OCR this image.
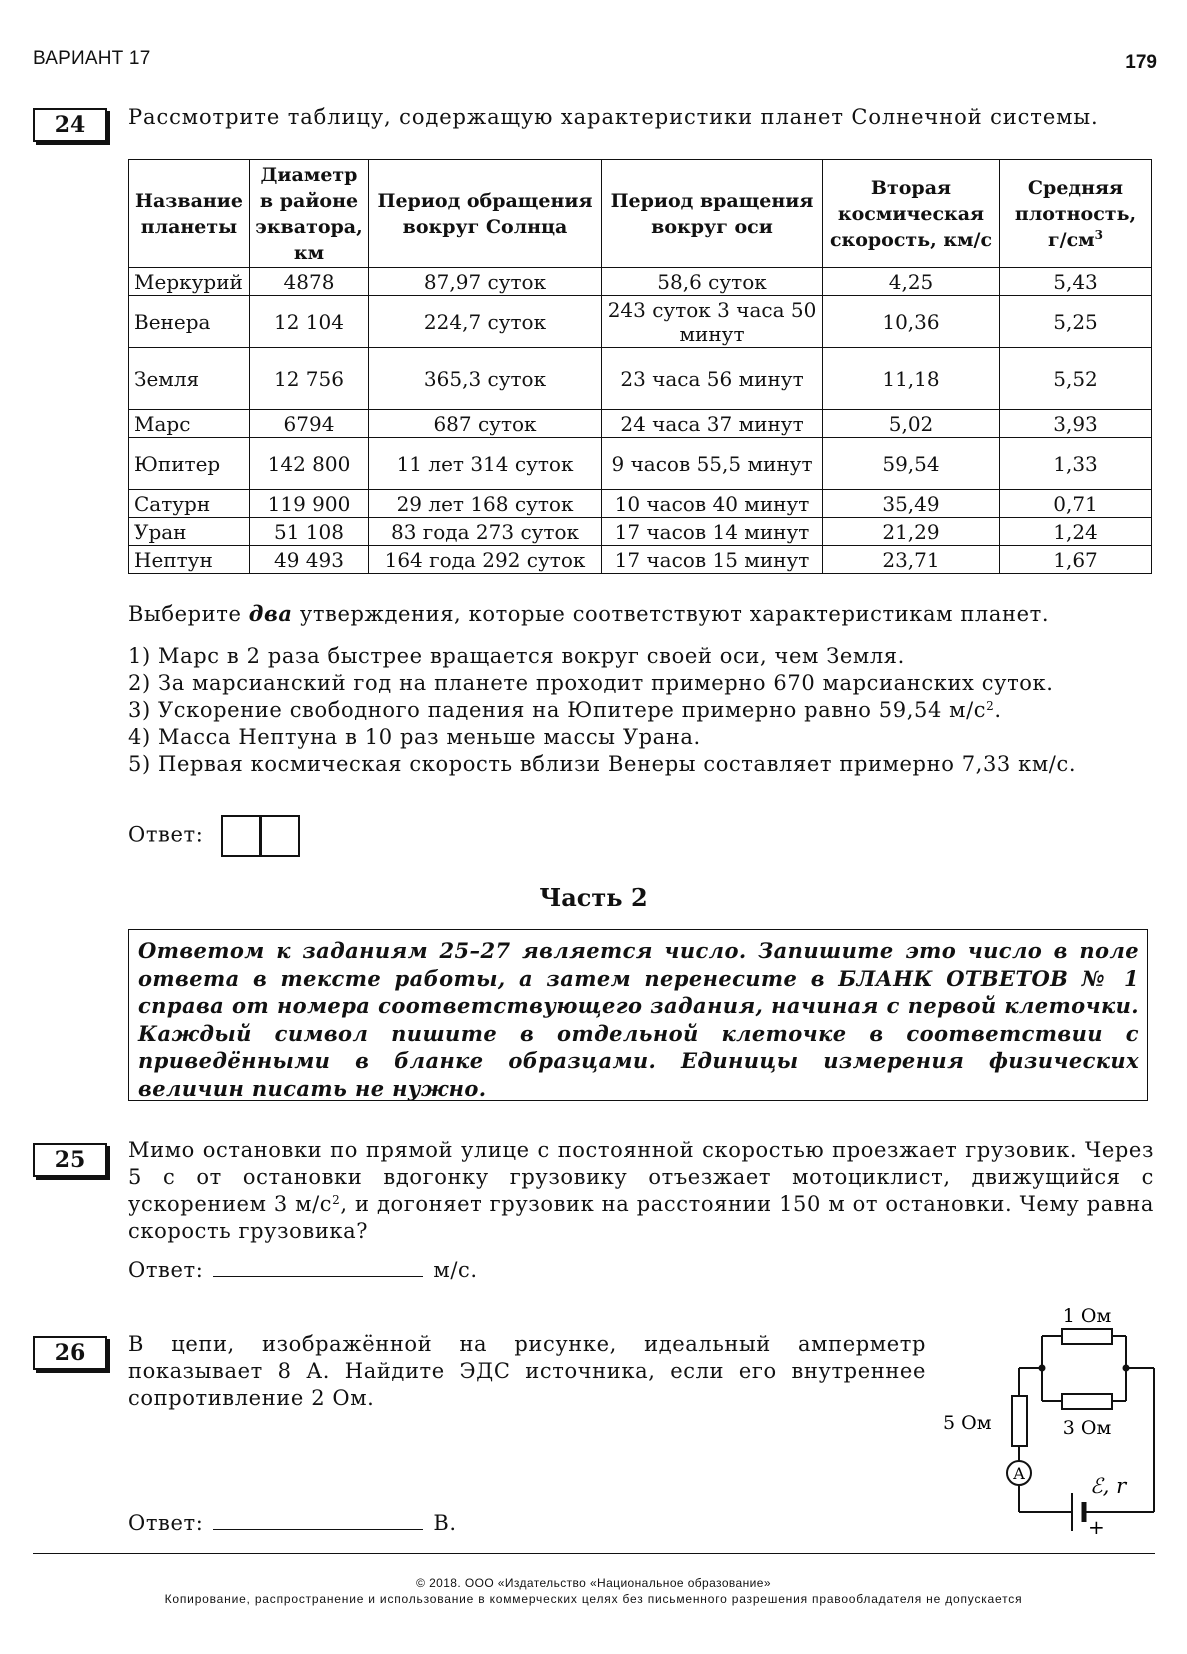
ВАРИАНТ 17	179
24	Рассмотрите таблицу, содержащую характеристики планет Солнечной системы.
Название планеты	Диаметр в районе экватора, км	Период обращения вокруг Солнца	Период вращения вокруг оси	Вторая космическая скорость, км/с	Средняя плотность, $г/см^3$
Меркурий	4878	87,97 суток	58,6 суток	4,25	5,43
Венера	12 104	224,7 суток	243 суток 3 часа 50 минут	10,36	5,25
Земля	12 756	365,3 суток	23 часа 56 минут	11,18	5,52
Марс	6794	687 суток	24 часа 37 минут	5,02	3,93
Юпитер	142 800	11 лет 314 суток	9 часов 55,5 минут	59,54	1,33
Сатурн	119 900	29 лет 168 суток	10 часов 40 минут	35,49	0,71
Уран	51 108	83 года 273 суток	17 часов 14 минут	21,29	1,24
Нептун	49 493	164 года 292 суток	17 часов 15 минут	23,71	1,67
Выберите два утверждения, которые соответствуют характеристикам планет.
1) Марс в 2 раза быстрее вращается вокруг своей оси, чем Земля.
2) За марсианский год на планете проходит примерно 670 марсианских суток.
3) Ускорение свободного падения на Юпитере примерно равно 59,54 $м/с^2$.
4) Масса Нептуна в 10 раз меньше массы Урана.
5) Первая космическая скорость вблизи Венеры составляет примерно 7,33 км/с.
Ответ:
Часть 2
Ответом к заданиям 25–27 является число. Запишите это число в поле ответа в тексте работы, а затем перенесите в БЛАНК ОТВЕТОВ № 1 справа от номера соответствующего задания, начиная с первой клеточки. Каждый символ пишите в отдельной клеточке в соответствии с приведёнными в бланке образцами. Единицы измерения физических величин писать не нужно.
25	Мимо остановки по прямой улице с постоянной скоростью проезжает грузовик. Через 5 с от остановки вдогонку грузовику отъезжает мотоциклист, движущийся с ускорением 3 $м/с^2$, и догоняет грузовик на расстоянии 150 м от остановки. Чему равна скорость грузовика?
Ответ:	м/с.
26	В цепи, изображённой на рисунке, идеальный амперметр показывает 8 А. Найдите ЭДС источника, если его внутреннее сопротивление 2 Ом.
Ответ:	В.
1 Ом
3 Ом
5 Ом
A
ℰ, r
+
© 2018. ООО «Издательство «Национальное образование»
Копирование, распространение и использование в коммерческих целях без письменного разрешения правообладателя не допускается
